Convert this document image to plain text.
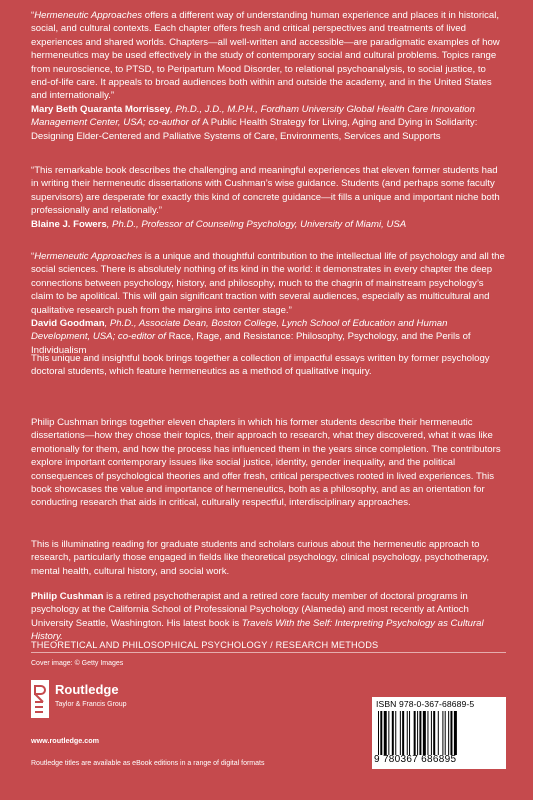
“Hermeneutic Approaches offers a different way of understanding human experience and places it in historical, social, and cultural contexts. Each chapter offers fresh and critical perspectives and treatments of lived experiences and shared worlds. Chapters—all well-written and accessible—are paradigmatic examples of how hermeneutics may be used effectively in the study of contemporary social and cultural problems. Topics range from neuroscience, to PTSD, to Peripartum Mood Disorder, to relational psychoanalysis, to social justice, to end-of-life care. It appeals to broad audiences both within and outside the academy, and in the United States and internationally.”

Mary Beth Quaranta Morrissey, Ph.D., J.D., M.P.H., Fordham University Global Health Care Innovation Management Center, USA; co-author of A Public Health Strategy for Living, Aging and Dying in Solidarity: Designing Elder-Centered and Palliative Systems of Care, Environments, Services and Supports

“This remarkable book describes the challenging and meaningful experiences that eleven former students had in writing their hermeneutic dissertations with Cushman’s wise guidance. Students (and perhaps some faculty supervisors) are desperate for exactly this kind of concrete guidance—it fills a unique and important niche both professionally and relationally.”

Blaine J. Fowers, Ph.D., Professor of Counseling Psychology, University of Miami, USA

“Hermeneutic Approaches is a unique and thoughtful contribution to the intellectual life of psychology and all the social sciences. There is absolutely nothing of its kind in the world: it demonstrates in every chapter the deep connections between psychology, history, and philosophy, much to the chagrin of mainstream psychology’s claim to be apolitical. This will gain significant traction with several audiences, especially as multicultural and qualitative research push from the margins into center stage.”

David Goodman, Ph.D., Associate Dean, Boston College, Lynch School of Education and Human Development, USA; co-editor of Race, Rage, and Resistance: Philosophy, Psychology, and the Perils of Individualism

This unique and insightful book brings together a collection of impactful essays written by former psychology doctoral students, which feature hermeneutics as a method of qualitative inquiry.
Philip Cushman brings together eleven chapters in which his former students describe their hermeneutic dissertations—how they chose their topics, their approach to research, what they discovered, what it was like emotionally for them, and how the process has influenced them in the years since completion. The contributors explore important contemporary issues like social justice, identity, gender inequality, and the political consequences of psychological theories and offer fresh, critical perspectives rooted in lived experiences. This book showcases the value and importance of hermeneutics, both as a philosophy, and as an orientation for conducting research that aids in critical, culturally respectful, interdisciplinary approaches.
This is illuminating reading for graduate students and scholars curious about the hermeneutic approach to research, particularly those engaged in fields like theoretical psychology, clinical psychology, psychotherapy, mental health, cultural history, and social work.
Philip Cushman is a retired psychotherapist and a retired core faculty member of doctoral programs in psychology at the California School of Professional Psychology (Alameda) and most recently at Antioch University Seattle, Washington. His latest book is Travels With the Self: Interpreting Psychology as Cultural History.
THEORETICAL AND PHILOSOPHICAL PSYCHOLOGY / RESEARCH METHODS
Cover image: © Getty Images
Routledge
Taylor & Francis Group
www.routledge.com
Routledge titles are available as eBook editions in a range of digital formats
ISBN 978-0-367-68689-5
9 780367 686895
an informa business
